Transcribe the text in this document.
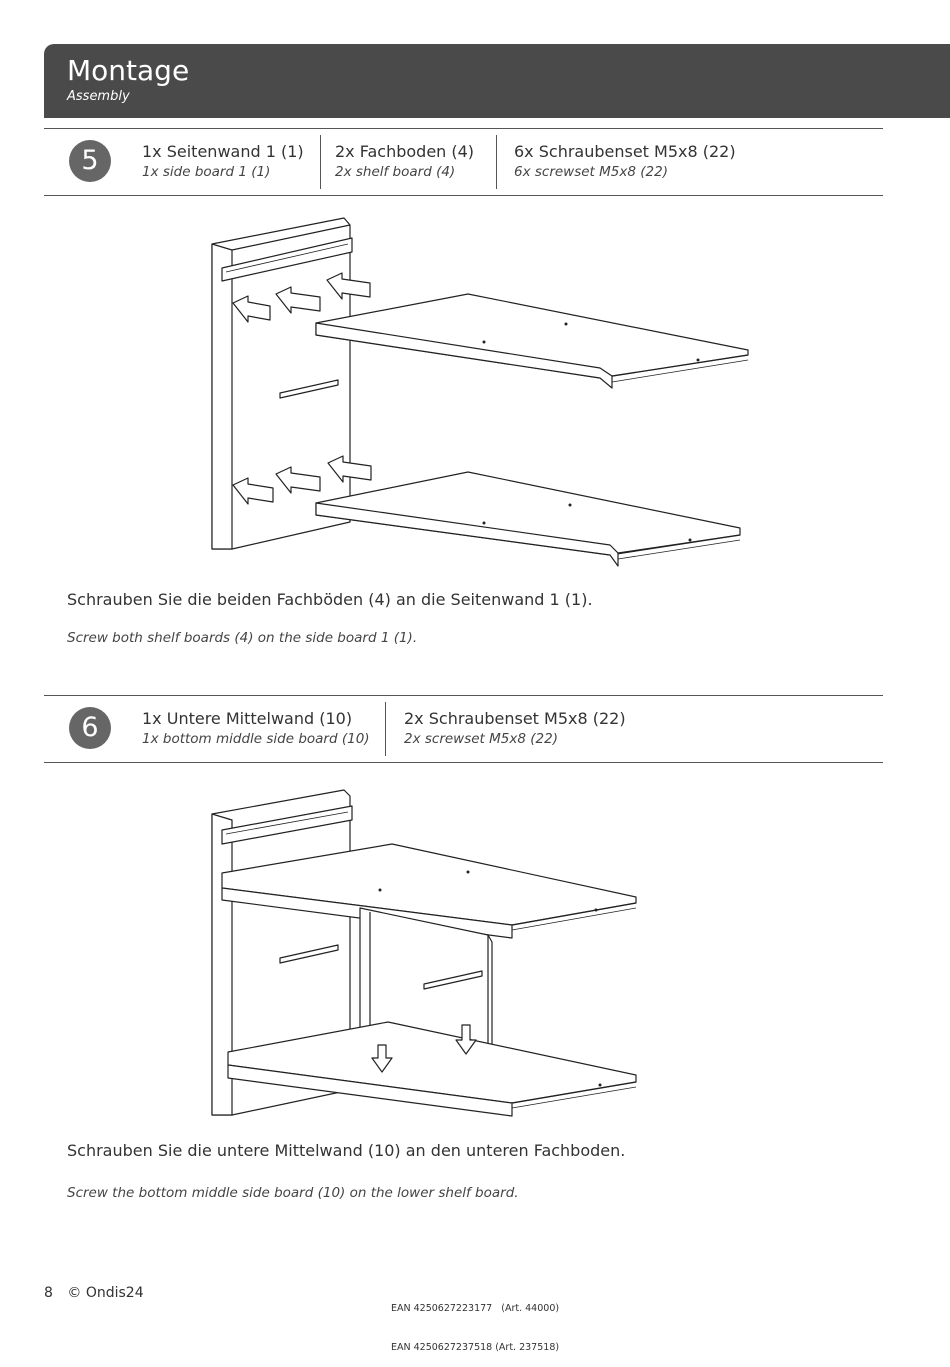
Montage
Assembly
5	1x Seitenwand 1 (1)
1x side board 1 (1)
2x Fachboden (4)
2x shelf board (4)
6x Schraubenset M5x8 (22)
6x screwset M5x8 (22)
Schrauben Sie die beiden Fachböden (4) an die Seitenwand 1 (1).
Screw both shelf boards (4) on the side board 1 (1).
6	1x Untere Mittelwand (10)
1x bottom middle side board (10)
2x Schraubenset M5x8 (22)
2x screwset M5x8 (22)
Schrauben Sie die untere Mittelwand (10) an den unteren Fachboden.
Screw the bottom middle side board (10) on the lower shelf board.
8 © Ondis24

EAN 4250627223177   (Art. 44000)

EAN 4250627237518 (Art. 237518)
